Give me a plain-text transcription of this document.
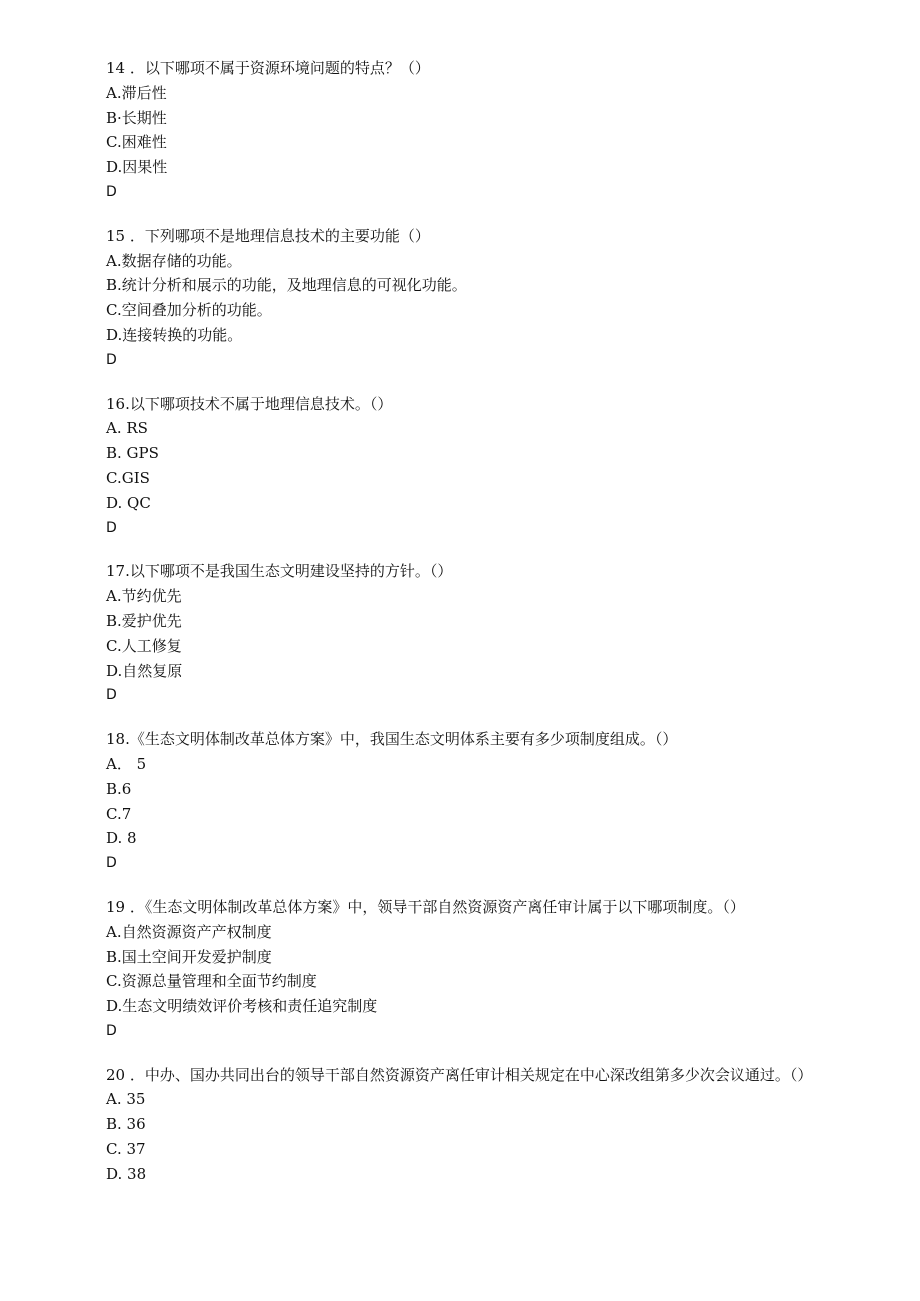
14 ．以下哪项不属于资源环境问题的特点？（）
A.滞后性
B·长期性
C.困难性
D.因果性
D
15 ．下列哪项不是地理信息技术的主要功能（）
A.数据存储的功能。
B.统计分析和展示的功能，及地理信息的可视化功能。
C.空间叠加分析的功能。
D.连接转换的功能。
D
16.以下哪项技术不属于地理信息技术。（）
A. RS
B. GPS
C.GIS
D. QC
D
17.以下哪项不是我国生态文明建设坚持的方针。（）
A.节约优先
B.爱护优先
C.人工修复
D.自然复原
D
18.《生态文明体制改革总体方案》中，我国生态文明体系主要有多少项制度组成。（）
A． 5
B.6
C.7
D. 8
D
19 ．《生态文明体制改革总体方案》中，领导干部自然资源资产离任审计属于以下哪项制度。（）
A.自然资源资产产权制度
B.国土空间开发爱护制度
C.资源总量管理和全面节约制度
D.生态文明绩效评价考核和责任追究制度
D
20 ．中办、国办共同出台的领导干部自然资源资产离任审计相关规定在中心深改组第多少次会议通过。（）
A. 35
B. 36
C. 37
D. 38
